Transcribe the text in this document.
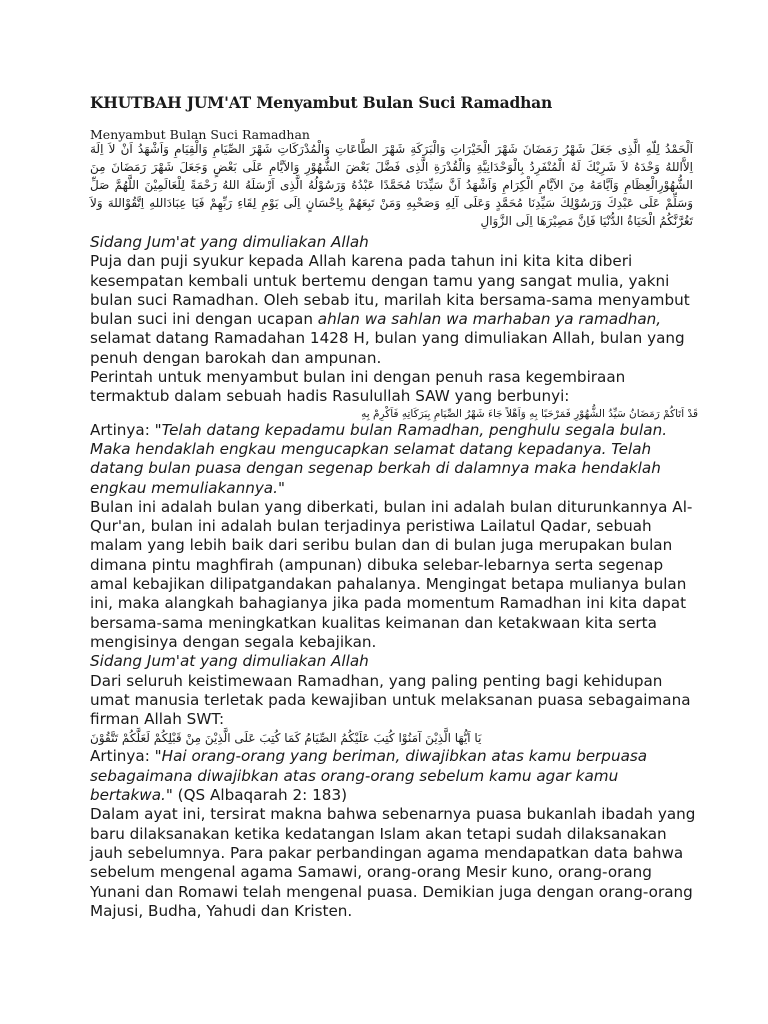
KHUTBAH JUM'AT Menyambut Bulan Suci Ramadhan

Menyambut Bulan Suci Ramadhan

اَلْحَمْدُ لِلّهِ الَّذِى جَعَلَ شَهْرُ رَمَضَانَ شَهْرَ الْخَيْرَاتِ وَالْبَرَكَةِ شَهْرَ الطَّاعَاتِ وَالْمُدْرَكَاتِ شَهْرَ الصِّيَامِ وَالْقِيَامِ وَاَشْهَدُ اَنْ لاَ اِلَهَ اِلاَّاللهُ وَحْدَهُ لاَ شَرِيْكَ لَهُ الْمُنْفَرِدُ بِالْوَحْدَانِيَّةِ وَالْقُدْرَةِ الَّذِى فَضَّلَ بَعْضَ الشُّهُوْرِ وَالاَيَّامِ عَلَى بَعْضٍ وَجَعَلَ شَهْرَ رَمَضَانَ مِنَ الشُّهُوْرِالْعِظَامِ وَاَيَّامَهُ مِنَ الاَيَّامِ الْكِرَامِ وَاَشْهَدُ اَنَّ سَيِّدَنَا مُحَمَّدًا عَبْدُهُ وَرَسُوْلُهُ الَّذِى اَرْسَلَهُ اللهُ رَحْمَةً لِلْعَالَمِيْنَ اللَّهُمَّ صَلِّ وَسَلِّمْ عَلَى عَبْدِكَ وَرَسُوْلِكَ سَيِّدِنَا مُحَمَّدٍ وَعَلَى آلِهِ وَصَحْبِهِ وَمَنْ تَبِعَهُمْ بِاِحْسَانٍ اِلَى يَوْمِ لِقَاءِ رَبِّهِمْ فَيَا عِبَادَاللهِ اِتَّقُوْاللهَ وَلاَ تَغُرَّنَّكُمُ الْحَيَاةُ الدُّنْيَا فَاِنَّ مَصِيْرَهَا اِلَى الزَّوَالِ

Sidang Jum'at yang dimuliakan Allah

Puja dan puji syukur kepada Allah karena pada tahun ini kita kita diberi kesempatan kembali untuk bertemu dengan tamu yang sangat mulia, yakni bulan suci Ramadhan. Oleh sebab itu, marilah kita bersama-sama menyambut bulan suci ini dengan ucapan ahlan wa sahlan wa marhaban ya ramadhan, selamat datang Ramadahan 1428 H, bulan yang dimuliakan Allah, bulan yang penuh dengan barokah dan ampunan.

Perintah untuk menyambut bulan ini dengan penuh rasa kegembiraan termaktub dalam sebuah hadis Rasulullah SAW yang berbunyi:

قَدْ اَتَاكُمْ رَمَضَانُ سَيِّدُ الشُّهُوْرِ فَمَرْحَبًا بِهِ وَاَهْلاً جَاءَ شَهْرُ الصِّيَامِ بِبَرَكَاتِهِ فَاَكْرِمْ بِهِ

Artinya: "Telah datang kepadamu bulan Ramadhan, penghulu segala bulan. Maka hendaklah engkau mengucapkan selamat datang kepadanya. Telah datang bulan puasa dengan segenap berkah di dalamnya maka hendaklah engkau memuliakannya."

Bulan ini adalah bulan yang diberkati, bulan ini adalah bulan diturunkannya Al-Qur'an, bulan ini adalah bulan terjadinya peristiwa Lailatul Qadar, sebuah malam yang lebih baik dari seribu bulan dan di bulan juga merupakan bulan dimana pintu maghfirah (ampunan) dibuka selebar-lebarnya serta segenap amal kebajikan dilipatgandakan pahalanya. Mengingat betapa mulianya bulan ini, maka alangkah bahagianya jika pada momentum Ramadhan ini kita dapat bersama-sama meningkatkan kualitas keimanan dan ketakwaan kita serta mengisinya dengan segala kebajikan.

Sidang Jum'at yang dimuliakan Allah

Dari seluruh keistimewaan Ramadhan, yang paling penting bagi kehidupan umat manusia terletak pada kewajiban untuk melaksanan puasa sebagaimana firman Allah SWT:

يَا اَيُّهَا الَّذِيْنَ آمَنُوْا كُتِبَ عَلَيْكُمُ الصِّيَامُ كَمَا كُتِبَ عَلَى الَّذِيْنَ مِنْ قَبْلِكُمْ لَعَلَّكُمْ تَتَّقُوْنَ

Artinya: "Hai orang-orang yang beriman, diwajibkan atas kamu berpuasa sebagaimana diwajibkan atas orang-orang sebelum kamu agar kamu bertakwa." (QS Albaqarah 2: 183)

Dalam ayat ini, tersirat makna bahwa sebenarnya puasa bukanlah ibadah yang baru dilaksanakan ketika kedatangan Islam akan tetapi sudah dilaksanakan jauh sebelumnya. Para pakar perbandingan agama mendapatkan data bahwa sebelum mengenal agama Samawi, orang-orang Mesir kuno, orang-orang Yunani dan Romawi telah mengenal puasa. Demikian juga dengan orang-orang Majusi, Budha, Yahudi dan Kristen.
